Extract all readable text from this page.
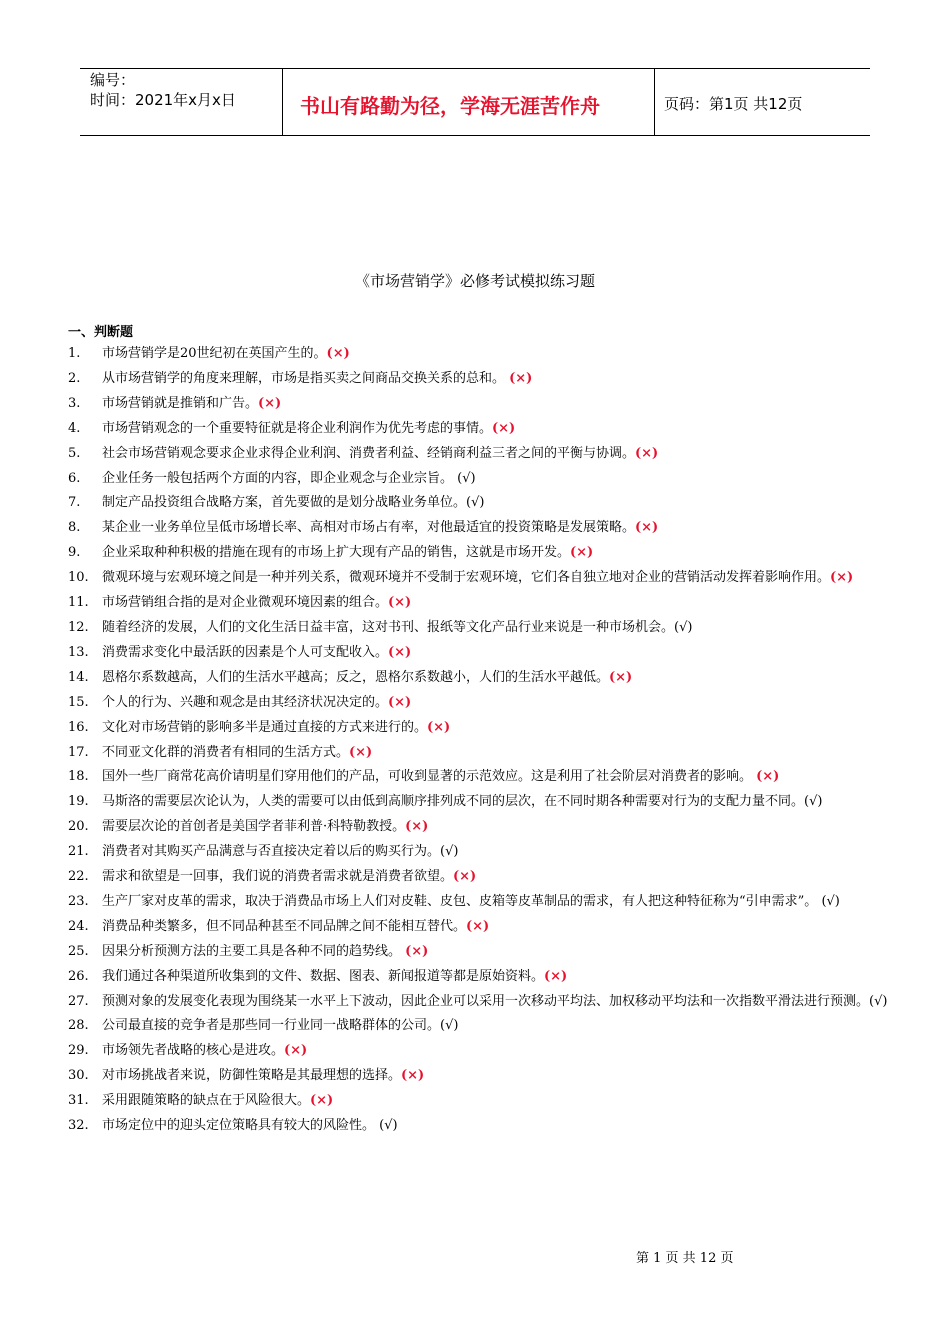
编号：
时间：2021年x月x日	书山有路勤为径，学海无涯苦作舟	页码：第1页 共12页
《市场营销学》必修考试模拟练习题
一、判断题
1. 市场营销学是20世纪初在英国产生的。(×)
2. 从市场营销学的角度来理解，市场是指买卖之间商品交换关系的总和。 (×)
3. 市场营销就是推销和广告。(×)
4. 市场营销观念的一个重要特征就是将企业利润作为优先考虑的事情。(×)
5. 社会市场营销观念要求企业求得企业利润、消费者利益、经销商利益三者之间的平衡与协调。(×)
6. 企业任务一般包括两个方面的内容，即企业观念与企业宗旨。 (√)
7. 制定产品投资组合战略方案，首先要做的是划分战略业务单位。(√)
8. 某企业一业务单位呈低市场增长率、高相对市场占有率，对他最适宜的投资策略是发展策略。(×)
9. 企业采取种种积极的措施在现有的市场上扩大现有产品的销售，这就是市场开发。(×)
10. 微观环境与宏观环境之间是一种并列关系，微观环境并不受制于宏观环境，它们各自独立地对企业的营销活动发挥着影响作用。(×)
11. 市场营销组合指的是对企业微观环境因素的组合。(×)
12. 随着经济的发展，人们的文化生活日益丰富，这对书刊、报纸等文化产品行业来说是一种市场机会。(√)
13. 消费需求变化中最活跃的因素是个人可支配收入。(×)
14. 恩格尔系数越高，人们的生活水平越高；反之，恩格尔系数越小，人们的生活水平越低。(×)
15. 个人的行为、兴趣和观念是由其经济状况决定的。(×)
16. 文化对市场营销的影响多半是通过直接的方式来进行的。(×)
17. 不同亚文化群的消费者有相同的生活方式。(×)
18. 国外一些厂商常花高价请明星们穿用他们的产品，可收到显著的示范效应。这是利用了社会阶层对消费者的影响。 (×)
19. 马斯洛的需要层次论认为，人类的需要可以由低到高顺序排列成不同的层次，在不同时期各种需要对行为的支配力量不同。(√)
20. 需要层次论的首创者是美国学者菲利普·科特勒教授。(×)
21. 消费者对其购买产品满意与否直接决定着以后的购买行为。(√)
22. 需求和欲望是一回事，我们说的消费者需求就是消费者欲望。(×)
23. 生产厂家对皮革的需求，取决于消费品市场上人们对皮鞋、皮包、皮箱等皮革制品的需求，有人把这种特征称为“引申需求”。 (√)
24. 消费品种类繁多，但不同品种甚至不同品牌之间不能相互替代。(×)
25. 因果分析预测方法的主要工具是各种不同的趋势线。 (×)
26. 我们通过各种渠道所收集到的文件、数据、图表、新闻报道等都是原始资料。(×)
27. 预测对象的发展变化表现为围绕某一水平上下波动，因此企业可以采用一次移动平均法、加权移动平均法和一次指数平滑法进行预测。(√)
28. 公司最直接的竞争者是那些同一行业同一战略群体的公司。(√)
29. 市场领先者战略的核心是进攻。(×)
30. 对市场挑战者来说，防御性策略是其最理想的选择。(×)
31. 采用跟随策略的缺点在于风险很大。(×)
32. 市场定位中的迎头定位策略具有较大的风险性。 (√)
第 1 页 共 12 页
